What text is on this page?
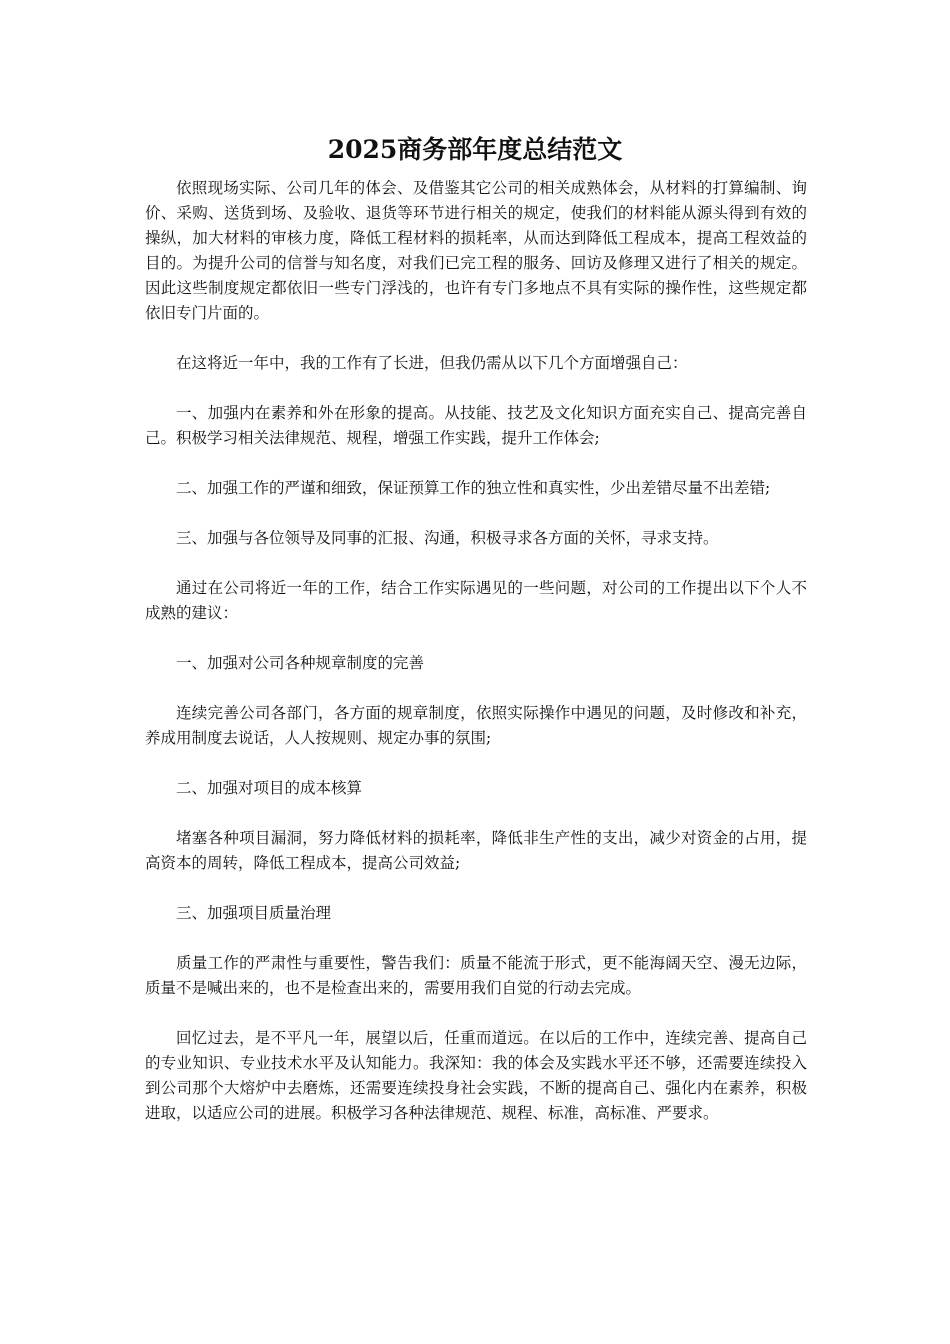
2025商务部年度总结范文

依照现场实际、公司几年的体会、及借鉴其它公司的相关成熟体会，从材料的打算编制、询价、采购、送货到场、及验收、退货等环节进行相关的规定，使我们的材料能从源头得到有效的操纵，加大材料的审核力度，降低工程材料的损耗率，从而达到降低工程成本，提高工程效益的目的。为提升公司的信誉与知名度，对我们已完工程的服务、回访及修理又进行了相关的规定。因此这些制度规定都依旧一些专门浮浅的，也许有专门多地点不具有实际的操作性，这些规定都依旧专门片面的。

在这将近一年中，我的工作有了长进，但我仍需从以下几个方面增强自己：

一、加强内在素养和外在形象的提高。从技能、技艺及文化知识方面充实自己、提高完善自己。积极学习相关法律规范、规程，增强工作实践，提升工作体会;

二、加强工作的严谨和细致，保证预算工作的独立性和真实性，少出差错尽量不出差错;

三、加强与各位领导及同事的汇报、沟通，积极寻求各方面的关怀，寻求支持。

通过在公司将近一年的工作，结合工作实际遇见的一些问题，对公司的工作提出以下个人不成熟的建议：

一、加强对公司各种规章制度的完善

连续完善公司各部门，各方面的规章制度，依照实际操作中遇见的问题，及时修改和补充，养成用制度去说话，人人按规则、规定办事的氛围;

二、加强对项目的成本核算

堵塞各种项目漏洞，努力降低材料的损耗率，降低非生产性的支出，减少对资金的占用，提高资本的周转，降低工程成本，提高公司效益;

三、加强项目质量治理

质量工作的严肃性与重要性，警告我们：质量不能流于形式，更不能海阔天空、漫无边际，质量不是喊出来的，也不是检查出来的，需要用我们自觉的行动去完成。

回忆过去，是不平凡一年，展望以后，任重而道远。在以后的工作中，连续完善、提高自己的专业知识、专业技术水平及认知能力。我深知：我的体会及实践水平还不够，还需要连续投入到公司那个大熔炉中去磨炼，还需要连续投身社会实践，不断的提高自己、强化内在素养，积极进取，以适应公司的进展。积极学习各种法律规范、规程、标准，高标准、严要求。
